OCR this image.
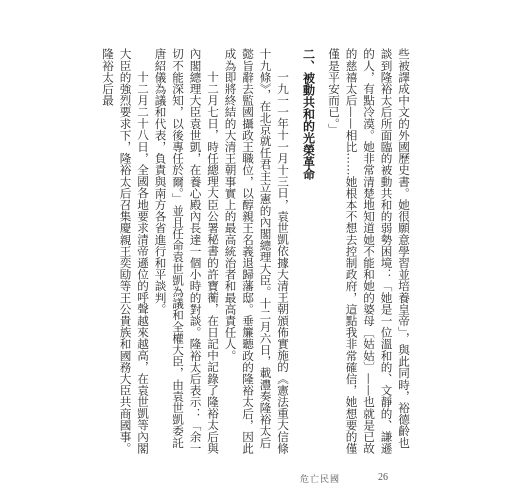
些被譯成中文的外國歷史書。她很願意學習並培養皇帝」，與此同時，裕德齡也談到隆裕太后所面臨的被動共和的弱勢困境：「她是一位溫和的、文靜的、謙遜的人，有點冷漠。她非常清楚地知道她不能和她的婆母〔姑姑〕——也就是已故的慈禧太后——相比……她根本不想去控制政府，這點我非常確信，她想要的僅僅是平安而已。」

二、被動共和的光榮革命

一九一一年十一月十三日，袁世凱依據大清王朝頒佈實施的《憲法重大信條十九條》，在北京就任君主立憲的內閣總理大臣。十二月六日，載灃奏隆裕太后懿旨辭去監國攝政王職位，以醇親王名義退歸藩邸。垂簾聽政的隆裕太后，因此成為即將終結的大清王朝事實上的最高統治者和最高責任人。

十二月七日，時任總理大臣公署秘書的許寶蘅，在日記中記錄了隆裕太后與內閣總理大臣袁世凱，在養心殿內長達一個小時的對談。隆裕太后表示：「余一切不能深知，以後專任於爾。」並且任命袁世凱為議和全權大臣，由袁世凱委託唐紹儀為議和代表，負責與南方各省進行和平談判。

十二月二十八日，全國各地要求清帝遜位的呼聲越來越高，在袁世凱等內閣大臣的強烈要求下，隆裕太后召集慶親王奕劻等王公貴族和國務大臣共商國事。隆裕太后最

危亡民國	26
